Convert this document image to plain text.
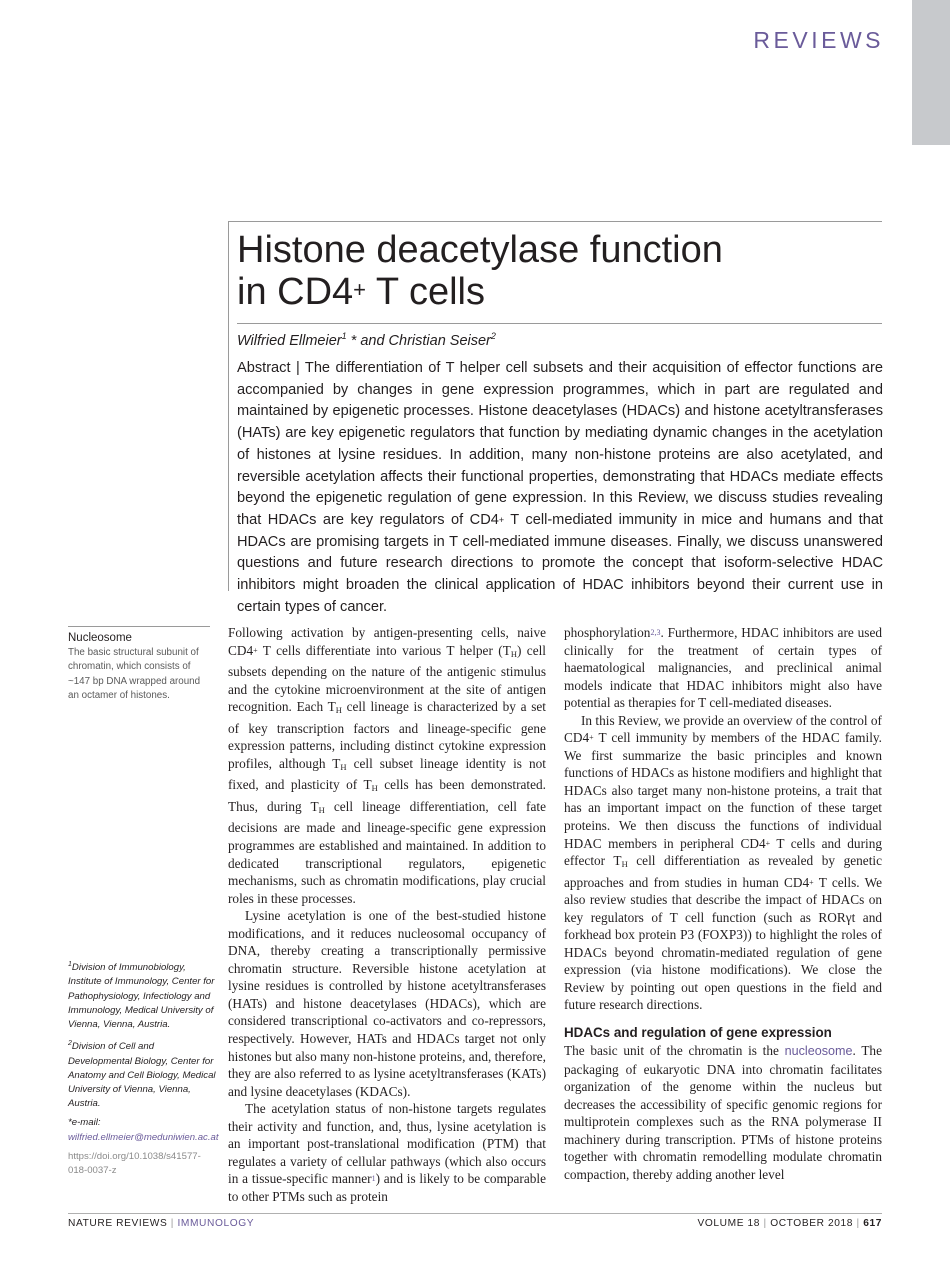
REVIEWS
Histone deacetylase function
in CD4+ T cells
Wilfried Ellmeier$^1$ * and Christian Seiser$^2$
Abstract | The differentiation of T helper cell subsets and their acquisition of effector functions are accompanied by changes in gene expression programmes, which in part are regulated and maintained by epigenetic processes. Histone deacetylases (HDACs) and histone acetyltransferases (HATs) are key epigenetic regulators that function by mediating dynamic changes in the acetylation of histones at lysine residues. In addition, many non-histone proteins are also acetylated, and reversible acetylation affects their functional properties, demonstrating that HDACs mediate effects beyond the epigenetic regulation of gene expression. In this Review, we discuss studies revealing that HDACs are key regulators of CD4+ T cell-mediated immunity in mice and humans and that HDACs are promising targets in T cell-mediated immune diseases. Finally, we discuss unanswered questions and future research directions to promote the concept that isoform-selective HDAC inhibitors might broaden the clinical application of HDAC inhibitors beyond their current use in certain types of cancer.

Nucleosome

The basic structural subunit of chromatin, which consists of ~147 bp DNA wrapped around an octamer of histones.

$^1$Division of Immunobiology, Institute of Immunology, Center for Pathophysiology, Infectiology and Immunology, Medical University of Vienna, Vienna, Austria.

$^2$Division of Cell and Developmental Biology, Center for Anatomy and Cell Biology, Medical University of Vienna, Vienna, Austria.

*e-mail: wilfried.ellmeier@meduniwien.ac.at

https://doi.org/10.1038/s41577-018-0037-z

Following activation by antigen-presenting cells, naive CD4+ T cells differentiate into various T helper $(T_H)$ cell subsets depending on the nature of the antigenic stimulus and the cytokine microenvironment at the site of antigen recognition. Each $T_H$ cell lineage is characterized by a set of key transcription factors and lineage-specific gene expression patterns, including distinct cytokine expression profiles, although $T_H$ cell subset lineage identity is not fixed, and plasticity of $T_H$ cells has been demonstrated. Thus, during $T_H$ cell lineage differentiation, cell fate decisions are made and lineage-specific gene expression programmes are established and maintained. In addition to dedicated transcriptional regulators, epigenetic mechanisms, such as chromatin modifications, play crucial roles in these processes.

Lysine acetylation is one of the best-studied histone modifications, and it reduces nucleosomal occupancy of DNA, thereby creating a transcriptionally permissive chromatin structure. Reversible histone acetylation at lysine residues is controlled by histone acetyltransferases (HATs) and histone deacetylases (HDACs), which are considered transcriptional co-activators and co-repressors, respectively. However, HATs and HDACs target not only histones but also many non-histone proteins, and, therefore, they are also referred to as lysine acetyltransferases (KATs) and lysine deacetylases (KDACs).

The acetylation status of non-histone targets regulates their activity and function, and, thus, lysine acetylation is an important post-translational modification (PTM) that regulates a variety of cellular pathways (which also occurs in a tissue-specific manner$^1$) and is likely to be comparable to other PTMs such as protein

phosphorylation$^{2,3}$. Furthermore, HDAC inhibitors are used clinically for the treatment of certain types of haematological malignancies, and preclinical animal models indicate that HDAC inhibitors might also have potential as therapies for T cell-mediated diseases.

In this Review, we provide an overview of the control of CD4+ T cell immunity by members of the HDAC family. We first summarize the basic principles and known functions of HDACs as histone modifiers and highlight that HDACs also target many non-histone proteins, a trait that has an important impact on the function of these target proteins. We then discuss the functions of individual HDAC members in peripheral CD4+ T cells and during effector $T_H$ cell differentiation as revealed by genetic approaches and from studies in human CD4+ T cells. We also review studies that describe the impact of HDACs on key regulators of T cell function (such as RORγt and forkhead box protein P3 (FOXP3)) to highlight the roles of HDACs beyond chromatin-mediated regulation of gene expression (via histone modifications). We close the Review by pointing out open questions in the field and future research directions.

HDACs and regulation of gene expression

The basic unit of the chromatin is the nucleosome. The packaging of eukaryotic DNA into chromatin facilitates organization of the genome within the nucleus but decreases the accessibility of specific genomic regions for multiprotein complexes such as the RNA polymerase II machinery during transcription. PTMs of histone proteins together with chromatin remodelling modulate chromatin compaction, thereby adding another level

NATURE REVIEWS | IMMUNOLOGY	VOLUME 18 | OCTOBER 2018 | 617
